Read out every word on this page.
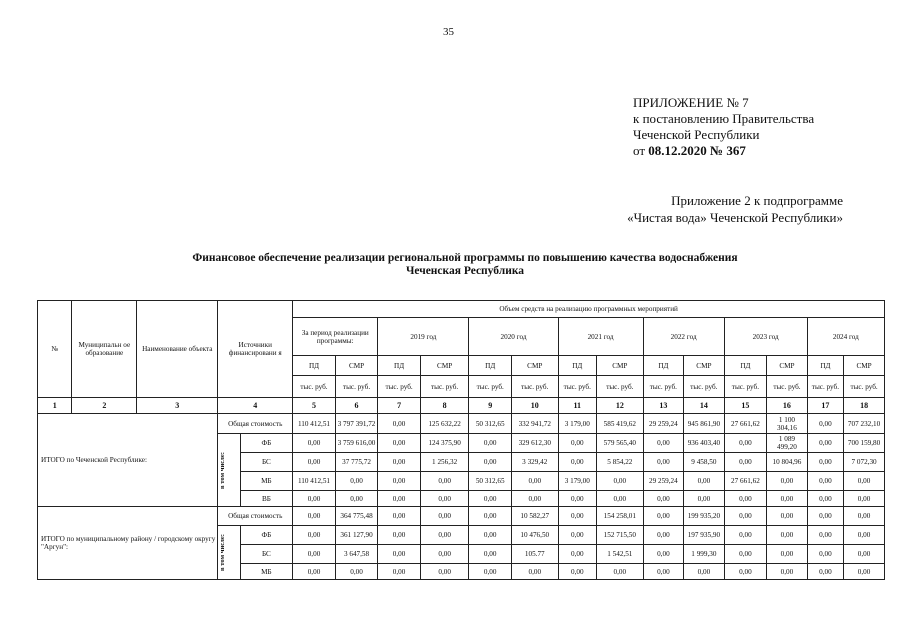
35
ПРИЛОЖЕНИЕ № 7
к постановлению Правительства
Чеченской Республики
от 08.12.2020 № 367
Приложение 2 к подпрограмме
«Чистая вода» Чеченской Республики»
Финансовое обеспечение реализации региональной программы по повышению качества водоснабжения
Чеченская Республика
№	Муниципальн ое образование	Наименование объекта	Источники финансировани я		Объем средств на реализацию программных мероприятий													
					За период реализации программы:		2019 год		2020 год		2021 год		2022 год		2023 год		2024 год	
					ПД	СМР	ПД	СМР	ПД	СМР	ПД	СМР	ПД	СМР	ПД	СМР	ПД	СМР
					тыс. руб.	тыс. руб.	тыс. руб.	тыс. руб.	тыс. руб.	тыс. руб.	тыс. руб.	тыс. руб.	тыс. руб.	тыс. руб.	тыс. руб.	тыс. руб.	тыс. руб.	тыс. руб.
1	2	3	4		5	6	7	8	9	10	11	12	13	14	15	16	17	18
ИТОГО по Чеченской Республике:			Общая стоимость		110 412,51	3 797 391,72	0,00	125 632,22	50 312,65	332 941,72	3 179,00	585 419,62	29 259,24	945 861,90	27 661,62	1 100 304,16	0,00	707 232,10

			в том числе:	ФБ	0,00	3 759 616,00	0,00	124 375,90	0,00	329 612,30	0,00	579 565,40	0,00	936 403,40	0,00	1 089 499,20	0,00	700 159,80
				БС	0,00	37 775,72	0,00	1 256,32	0,00	3 329,42	0,00	5 854,22	0,00	9 458,50	0,00	10 804,96	0,00	7 072,30
				МБ	110 412,51	0,00	0,00	0,00	50 312,65	0,00	3 179,00	0,00	29 259,24	0,00	27 661,62	0,00	0,00	0,00
				ВБ	0,00	0,00	0,00	0,00	0,00	0,00	0,00	0,00	0,00	0,00	0,00	0,00	0,00	0,00
ИТОГО по муниципальному району / городскому округу "Аргун":			Общая стоимость		0,00	364 775,48	0,00	0,00	0,00	10 582,27	0,00	154 258,01	0,00	199 935,20	0,00	0,00	0,00	0,00

			в том числе:	ФБ	0,00	361 127,90	0,00	0,00	0,00	10 476,50	0,00	152 715,50	0,00	197 935,90	0,00	0,00	0,00	0,00
				БС	0,00	3 647,58	0,00	0,00	0,00	105.77	0,00	1 542,51	0,00	1 999,30	0,00	0,00	0,00	0,00
				МБ	0,00	0,00	0,00	0,00	0,00	0,00	0,00	0,00	0,00	0,00	0,00	0,00	0,00	0,00
